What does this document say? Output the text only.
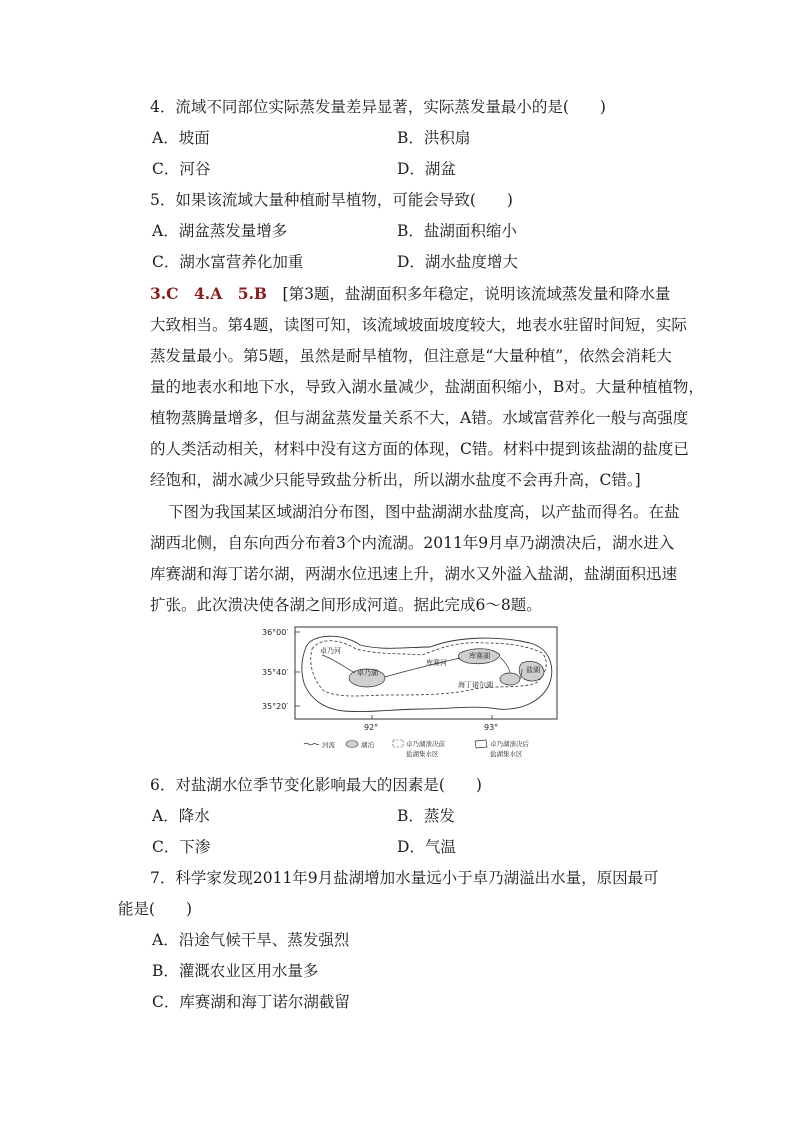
4．流域不同部位实际蒸发量差异显著，实际蒸发量最小的是(　　)
A．坡面	B．洪积扇
C．河谷	D．湖盆
5．如果该流域大量种植耐旱植物，可能会导致(　　)
A．湖盆蒸发量增多	B．盐湖面积缩小
C．湖水富营养化加重	D．湖水盐度增大
3.C　4.A　5.B　[第3题，盐湖面积多年稳定，说明该流域蒸发量和降水量
大致相当。第4题，读图可知，该流域坡面坡度较大，地表水驻留时间短，实际
蒸发量最小。第5题，虽然是耐旱植物，但注意是“大量种植”，依然会消耗大
量的地表水和地下水，导致入湖水量减少，盐湖面积缩小，B对。大量种植植物，
植物蒸腾量增多，但与湖盆蒸发量关系不大，A错。水域富营养化一般与高强度
的人类活动相关，材料中没有这方面的体现，C错。材料中提到该盐湖的盐度已
经饱和，湖水减少只能导致盐分析出，所以湖水盐度不会再升高，C错。]
下图为我国某区域湖泊分布图，图中盐湖湖水盐度高，以产盐而得名。在盐
湖西北侧，自东向西分布着3个内流湖。2011年9月卓乃湖溃决后，湖水进入
库赛湖和海丁诺尔湖，两湖水位迅速上升，湖水又外溢入盐湖，盐湖面积迅速
扩张。此次溃决使各湖之间形成河道。据此完成6～8题。
36°00′
35°40′
35°20′
92°	93°
卓乃河
卓乃湖
库赛河
库赛湖
海丁诺尔湖
盐湖
河流	湖泊	卓乃湖溃决前
盐湖集水区
卓乃湖溃决后
盐湖集水区
6．对盐湖水位季节变化影响最大的因素是(　　)
A．降水	B．蒸发
C．下渗	D．气温
7．科学家发现2011年9月盐湖增加水量远小于卓乃湖溢出水量，原因最可
能是(　　)
A．沿途气候干旱、蒸发强烈
B．灌溉农业区用水量多
C．库赛湖和海丁诺尔湖截留
